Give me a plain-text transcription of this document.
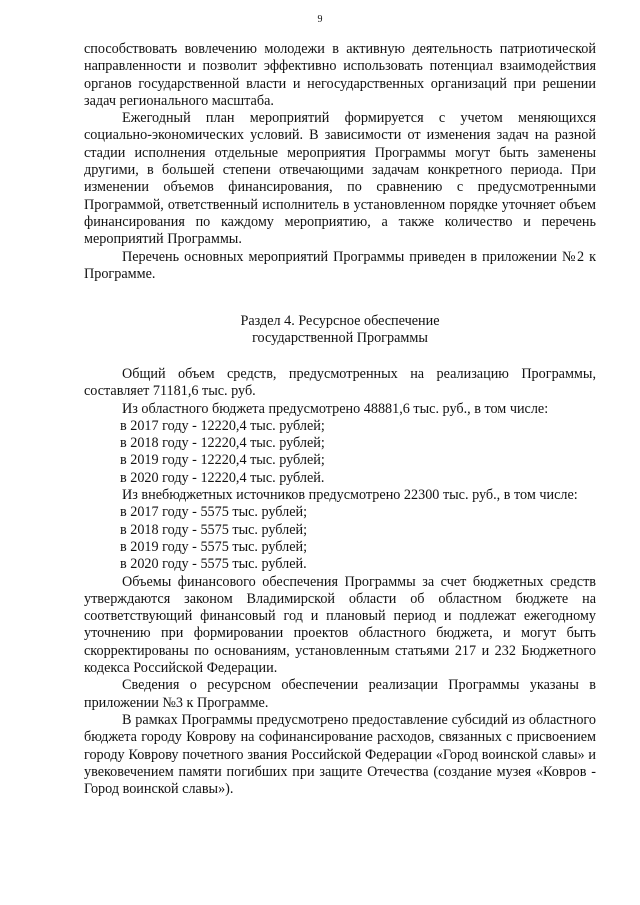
9

способствовать вовлечению молодежи в активную деятельность патриотической направленности и позволит эффективно использовать потенциал взаимодействия органов государственной власти и негосударственных организаций при решении задач регионального масштаба.

Ежегодный план мероприятий формируется с учетом меняющихся социально-экономических условий. В зависимости от изменения задач на разной стадии исполнения отдельные мероприятия Программы могут быть заменены другими, в большей степени отвечающими задачам конкретного периода. При изменении объемов финансирования, по сравнению с предусмотренными Программой, ответственный исполнитель в установленном порядке уточняет объем финансирования по каждому мероприятию, а также количество и перечень мероприятий Программы.

Перечень основных мероприятий Программы приведен в приложении №2 к Программе.

Раздел 4. Ресурсное обеспечение
государственной Программы

Общий объем средств, предусмотренных на реализацию Программы, составляет 71181,6 тыс. руб.

Из областного бюджета предусмотрено 48881,6 тыс. руб., в том числе:

в 2017 году - 12220,4 тыс. рублей;
в 2018 году - 12220,4 тыс. рублей;
в 2019 году - 12220,4 тыс. рублей;
в 2020 году - 12220,4 тыс. рублей.

Из внебюджетных источников предусмотрено 22300 тыс. руб., в том числе:

в 2017 году - 5575 тыс. рублей;
в 2018 году - 5575 тыс. рублей;
в 2019 году - 5575 тыс. рублей;
в 2020 году - 5575 тыс. рублей.

Объемы финансового обеспечения Программы за счет бюджетных средств утверждаются законом Владимирской области об областном бюджете на соответствующий финансовый год и плановый период и подлежат ежегодному уточнению при формировании проектов областного бюджета, и могут быть скорректированы по основаниям, установленным статьями 217 и 232 Бюджетного кодекса Российской Федерации.

Сведения о ресурсном обеспечении реализации Программы указаны в приложении №3 к Программе.

В рамках Программы предусмотрено предоставление субсидий из областного бюджета городу Коврову на софинансирование расходов, связанных с присвоением городу Коврову почетного звания Российской Федерации «Город воинской славы» и увековечением памяти погибших при защите Отечества (создание музея «Ковров - Город воинской славы»).
